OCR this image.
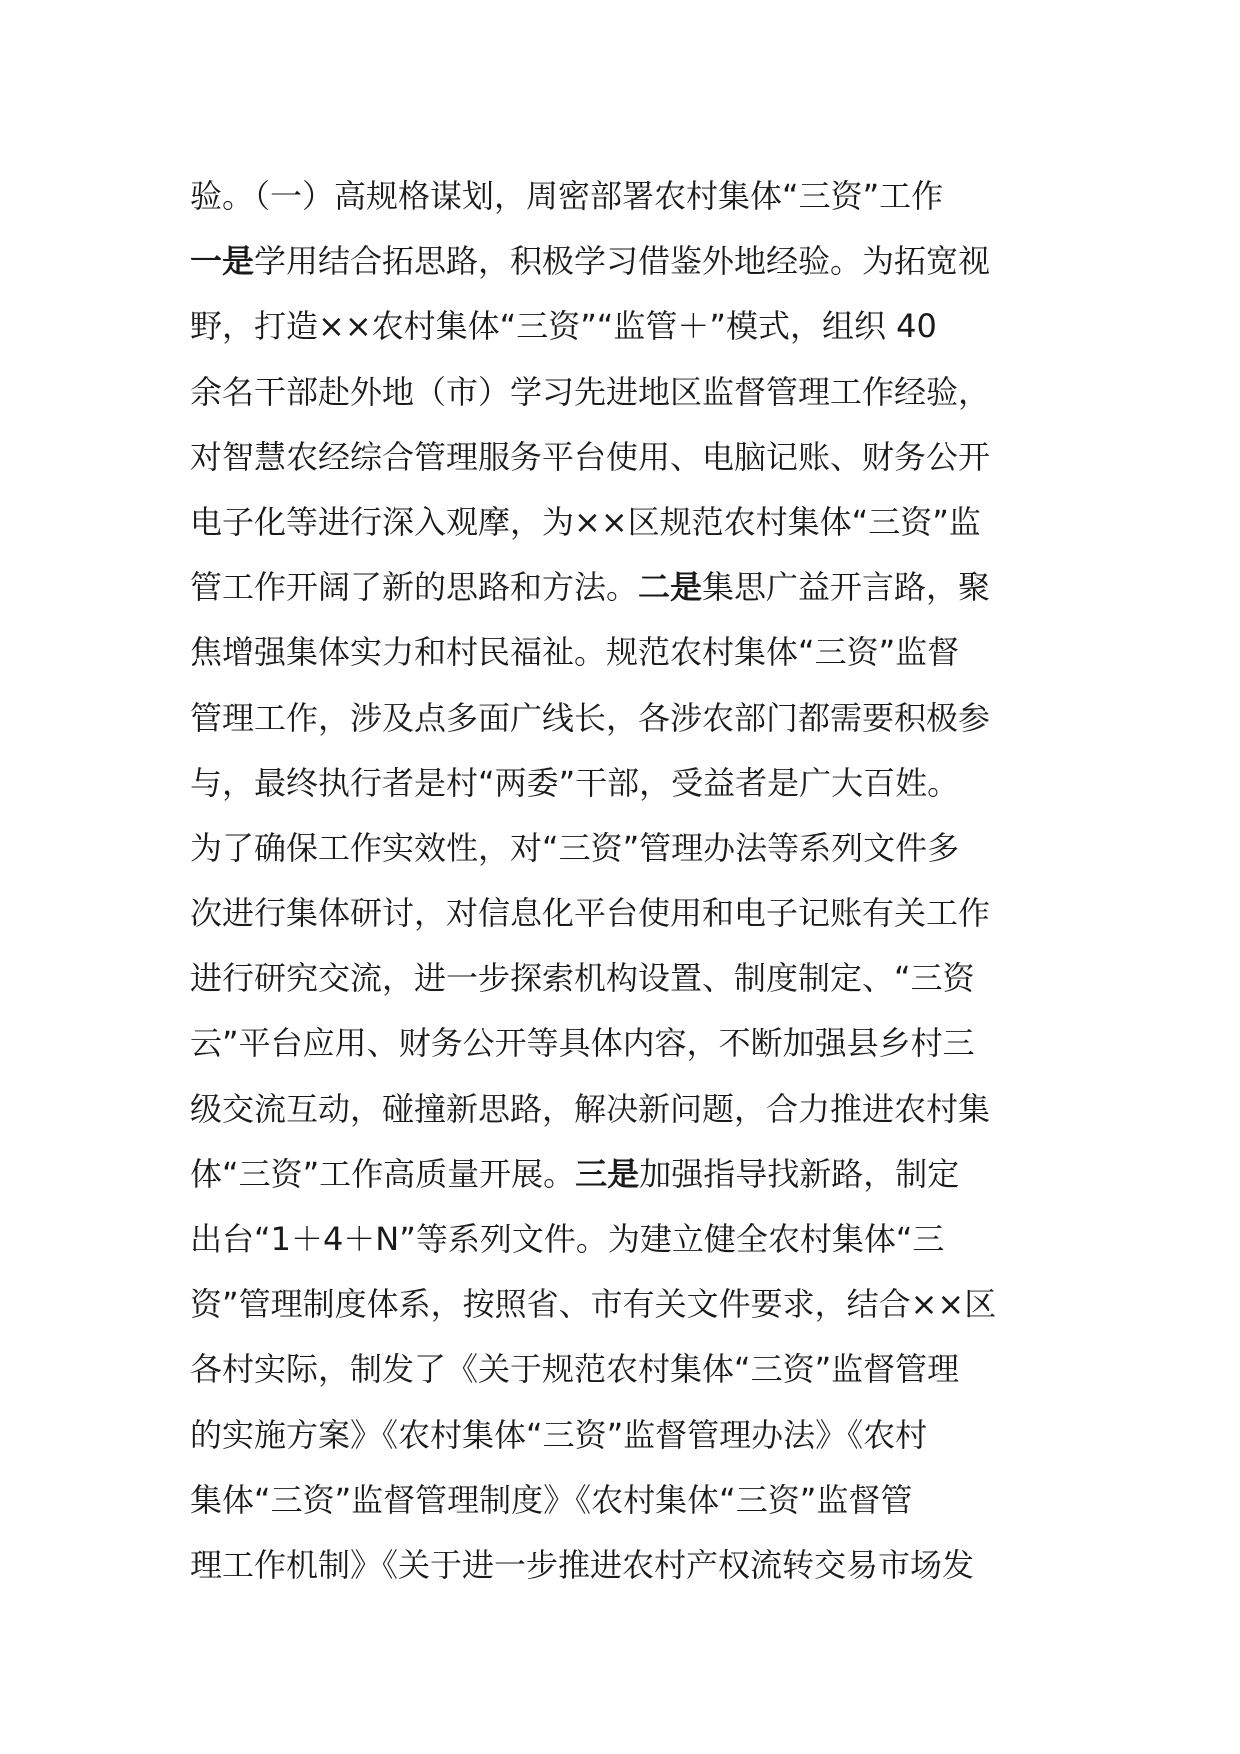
验。（一）高规格谋划，周密部署农村集体“三资”工作
一是学用结合拓思路，积极学习借鉴外地经验。为拓宽视
野，打造××农村集体“三资”“监管＋”模式，组织 40
余名干部赴外地（市）学习先进地区监督管理工作经验，
对智慧农经综合管理服务平台使用、电脑记账、财务公开
电子化等进行深入观摩，为××区规范农村集体“三资”监
管工作开阔了新的思路和方法。二是集思广益开言路，聚
焦增强集体实力和村民福祉。规范农村集体“三资”监督
管理工作，涉及点多面广线长，各涉农部门都需要积极参
与，最终执行者是村“两委”干部，受益者是广大百姓。
为了确保工作实效性，对“三资”管理办法等系列文件多
次进行集体研讨，对信息化平台使用和电子记账有关工作
进行研究交流，进一步探索机构设置、制度制定、“三资
云”平台应用、财务公开等具体内容，不断加强县乡村三
级交流互动，碰撞新思路，解决新问题，合力推进农村集
体“三资”工作高质量开展。三是加强指导找新路，制定
出台“1＋4＋N”等系列文件。为建立健全农村集体“三
资”管理制度体系，按照省、市有关文件要求，结合××区
各村实际，制发了《关于规范农村集体“三资”监督管理
的实施方案》《农村集体“三资”监督管理办法》《农村
集体“三资”监督管理制度》《农村集体“三资”监督管
理工作机制》《关于进一步推进农村产权流转交易市场发
